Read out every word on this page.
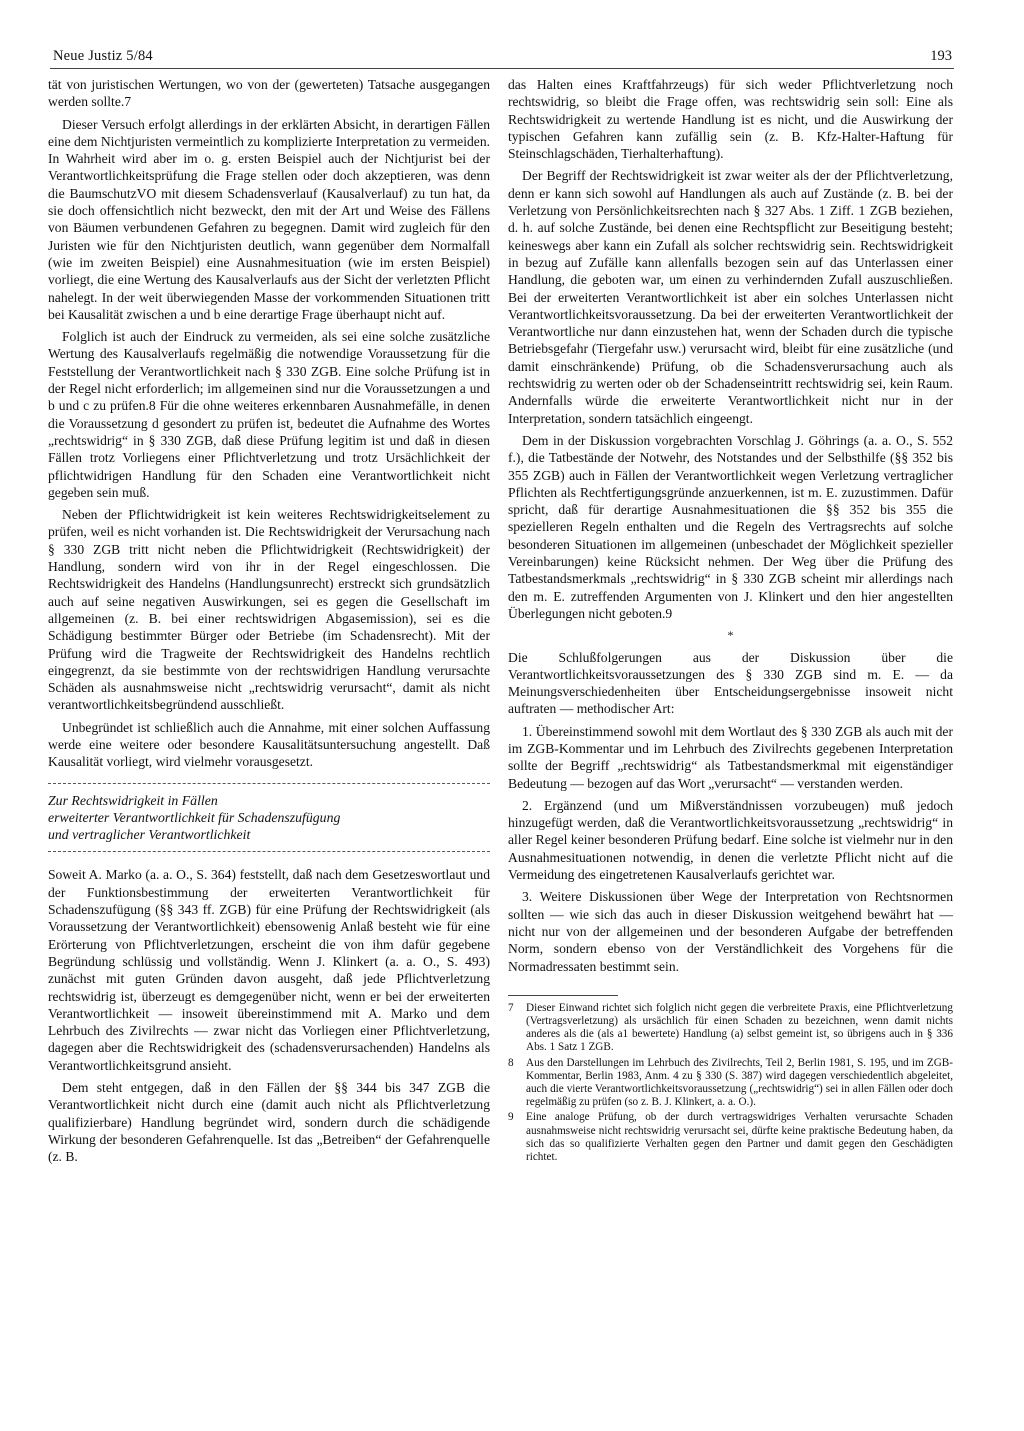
Neue Justiz 5/84	193

tät von juristischen Wertungen, wo von der (gewerteten) Tatsache ausgegangen werden sollte.7

Dieser Versuch erfolgt allerdings in der erklärten Absicht, in derartigen Fällen eine dem Nichtjuristen vermeintlich zu komplizierte Interpretation zu vermeiden. In Wahrheit wird aber im o. g. ersten Beispiel auch der Nichtjurist bei der Verantwortlichkeitsprüfung die Frage stellen oder doch akzeptieren, was denn die BaumschutzVO mit diesem Schadensverlauf (Kausalverlauf) zu tun hat, da sie doch offensichtlich nicht bezweckt, den mit der Art und Weise des Fällens von Bäumen verbundenen Gefahren zu begegnen. Damit wird zugleich für den Juristen wie für den Nichtjuristen deutlich, wann gegenüber dem Normalfall (wie im zweiten Beispiel) eine Ausnahmesituation (wie im ersten Beispiel) vorliegt, die eine Wertung des Kausalverlaufs aus der Sicht der verletzten Pflicht nahelegt. In der weit überwiegenden Masse der vorkommenden Situationen tritt bei Kausalität zwischen a und b eine derartige Frage überhaupt nicht auf.

Folglich ist auch der Eindruck zu vermeiden, als sei eine solche zusätzliche Wertung des Kausalverlaufs regelmäßig die notwendige Voraussetzung für die Feststellung der Verantwortlichkeit nach § 330 ZGB. Eine solche Prüfung ist in der Regel nicht erforderlich; im allgemeinen sind nur die Voraussetzungen a und b und c zu prüfen.8 Für die ohne weiteres erkennbaren Ausnahmefälle, in denen die Voraussetzung d gesondert zu prüfen ist, bedeutet die Aufnahme des Wortes „rechtswidrig“ in § 330 ZGB, daß diese Prüfung legitim ist und daß in diesen Fällen trotz Vorliegens einer Pflichtverletzung und trotz Ursächlichkeit der pflichtwidrigen Handlung für den Schaden eine Verantwortlichkeit nicht gegeben sein muß.

Neben der Pflichtwidrigkeit ist kein weiteres Rechtswidrigkeitselement zu prüfen, weil es nicht vorhanden ist. Die Rechtswidrigkeit der Verursachung nach § 330 ZGB tritt nicht neben die Pflichtwidrigkeit (Rechtswidrigkeit) der Handlung, sondern wird von ihr in der Regel eingeschlossen. Die Rechtswidrigkeit des Handelns (Handlungsunrecht) erstreckt sich grundsätzlich auch auf seine negativen Auswirkungen, sei es gegen die Gesellschaft im allgemeinen (z. B. bei einer rechtswidrigen Abgasemission), sei es die Schädigung bestimmter Bürger oder Betriebe (im Schadensrecht). Mit der Prüfung wird die Tragweite der Rechtswidrigkeit des Handelns rechtlich eingegrenzt, da sie bestimmte von der rechtswidrigen Handlung verursachte Schäden als ausnahmsweise nicht „rechtswidrig verursacht“, damit als nicht verantwortlichkeitsbegründend ausschließt.

Unbegründet ist schließlich auch die Annahme, mit einer solchen Auffassung werde eine weitere oder besondere Kausalitätsuntersuchung angestellt. Daß Kausalität vorliegt, wird vielmehr vorausgesetzt.

Zur Rechtswidrigkeit in Fällen
erweiterter Verantwortlichkeit für Schadenszufügung
und vertraglicher Verantwortlichkeit

Soweit A. Marko (a. a. O., S. 364) feststellt, daß nach dem Gesetzeswortlaut und der Funktionsbestimmung der erweiterten Verantwortlichkeit für Schadenszufügung (§§ 343 ff. ZGB) für eine Prüfung der Rechtswidrigkeit (als Voraussetzung der Verantwortlichkeit) ebensowenig Anlaß besteht wie für eine Erörterung von Pflichtverletzungen, erscheint die von ihm dafür gegebene Begründung schlüssig und vollständig. Wenn J. Klinkert (a. a. O., S. 493) zunächst mit guten Gründen davon ausgeht, daß jede Pflichtverletzung rechtswidrig ist, überzeugt es demgegenüber nicht, wenn er bei der erweiterten Verantwortlichkeit — insoweit übereinstimmend mit A. Marko und dem Lehrbuch des Zivilrechts — zwar nicht das Vorliegen einer Pflichtverletzung, dagegen aber die Rechtswidrigkeit des (schadensverursachenden) Handelns als Verantwortlichkeitsgrund ansieht.

Dem steht entgegen, daß in den Fällen der §§ 344 bis 347 ZGB die Verantwortlichkeit nicht durch eine (damit auch nicht als Pflichtverletzung qualifizierbare) Handlung begründet wird, sondern durch die schädigende Wirkung der besonderen Gefahrenquelle. Ist das „Betreiben“ der Gefahrenquelle (z. B.

das Halten eines Kraftfahrzeugs) für sich weder Pflichtverletzung noch rechtswidrig, so bleibt die Frage offen, was rechtswidrig sein soll: Eine als Rechtswidrigkeit zu wertende Handlung ist es nicht, und die Auswirkung der typischen Gefahren kann zufällig sein (z. B. Kfz-Halter-Haftung für Steinschlagschäden, Tierhalterhaftung).

Der Begriff der Rechtswidrigkeit ist zwar weiter als der der Pflichtverletzung, denn er kann sich sowohl auf Handlungen als auch auf Zustände (z. B. bei der Verletzung von Persönlichkeitsrechten nach § 327 Abs. 1 Ziff. 1 ZGB beziehen, d. h. auf solche Zustände, bei denen eine Rechtspflicht zur Beseitigung besteht; keineswegs aber kann ein Zufall als solcher rechtswidrig sein. Rechtswidrigkeit in bezug auf Zufälle kann allenfalls bezogen sein auf das Unterlassen einer Handlung, die geboten war, um einen zu verhindernden Zufall auszuschließen. Bei der erweiterten Verantwortlichkeit ist aber ein solches Unterlassen nicht Verantwortlichkeitsvoraussetzung. Da bei der erweiterten Verantwortlichkeit der Verantwortliche nur dann einzustehen hat, wenn der Schaden durch die typische Betriebsgefahr (Tiergefahr usw.) verursacht wird, bleibt für eine zusätzliche (und damit einschränkende) Prüfung, ob die Schadensverursachung auch als rechtswidrig zu werten oder ob der Schadenseintritt rechtswidrig sei, kein Raum. Andernfalls würde die erweiterte Verantwortlichkeit nicht nur in der Interpretation, sondern tatsächlich eingeengt.

Dem in der Diskussion vorgebrachten Vorschlag J. Göhrings (a. a. O., S. 552 f.), die Tatbestände der Notwehr, des Notstandes und der Selbsthilfe (§§ 352 bis 355 ZGB) auch in Fällen der Verantwortlichkeit wegen Verletzung vertraglicher Pflichten als Rechtfertigungsgründe anzuerkennen, ist m. E. zuzustimmen. Dafür spricht, daß für derartige Ausnahmesituationen die §§ 352 bis 355 die spezielleren Regeln enthalten und die Regeln des Vertragsrechts auf solche besonderen Situationen im allgemeinen (unbeschadet der Möglichkeit spezieller Vereinbarungen) keine Rücksicht nehmen. Der Weg über die Prüfung des Tatbestandsmerkmals „rechtswidrig“ in § 330 ZGB scheint mir allerdings nach den m. E. zutreffenden Argumenten von J. Klinkert und den hier angestellten Überlegungen nicht geboten.9

*

Die Schlußfolgerungen aus der Diskussion über die Verantwortlichkeitsvoraussetzungen des § 330 ZGB sind m. E. — da Meinungsverschiedenheiten über Entscheidungsergebnisse insoweit nicht auftraten — methodischer Art:

1. Übereinstimmend sowohl mit dem Wortlaut des § 330 ZGB als auch mit der im ZGB-Kommentar und im Lehrbuch des Zivilrechts gegebenen Interpretation sollte der Begriff „rechtswidrig“ als Tatbestandsmerkmal mit eigenständiger Bedeutung — bezogen auf das Wort „verursacht“ — verstanden werden.

2. Ergänzend (und um Mißverständnissen vorzubeugen) muß jedoch hinzugefügt werden, daß die Verantwortlichkeitsvoraussetzung „rechtswidrig“ in aller Regel keiner besonderen Prüfung bedarf. Eine solche ist vielmehr nur in den Ausnahmesituationen notwendig, in denen die verletzte Pflicht nicht auf die Vermeidung des eingetretenen Kausalverlaufs gerichtet war.

3. Weitere Diskussionen über Wege der Interpretation von Rechtsnormen sollten — wie sich das auch in dieser Diskussion weitgehend bewährt hat — nicht nur von der allgemeinen und der besonderen Aufgabe der betreffenden Norm, sondern ebenso von der Verständlichkeit des Vorgehens für die Normadressaten bestimmt sein.

7	Dieser Einwand richtet sich folglich nicht gegen die verbreitete Praxis, eine Pflichtverletzung (Vertragsverletzung) als ursächlich für einen Schaden zu bezeichnen, wenn damit nichts anderes als die (als a1 bewertete) Handlung (a) selbst gemeint ist, so übrigens auch in § 336 Abs. 1 Satz 1 ZGB.
8	Aus den Darstellungen im Lehrbuch des Zivilrechts, Teil 2, Berlin 1981, S. 195, und im ZGB-Kommentar, Berlin 1983, Anm. 4 zu § 330 (S. 387) wird dagegen verschiedentlich abgeleitet, auch die vierte Verantwortlichkeitsvoraussetzung („rechtswidrig“) sei in allen Fällen oder doch regelmäßig zu prüfen (so z. B. J. Klinkert, a. a. O.).
9	Eine analoge Prüfung, ob der durch vertragswidriges Verhalten verursachte Schaden ausnahmsweise nicht rechtswidrig verursacht sei, dürfte keine praktische Bedeutung haben, da sich das so qualifizierte Verhalten gegen den Partner und damit gegen den Geschädigten richtet.
